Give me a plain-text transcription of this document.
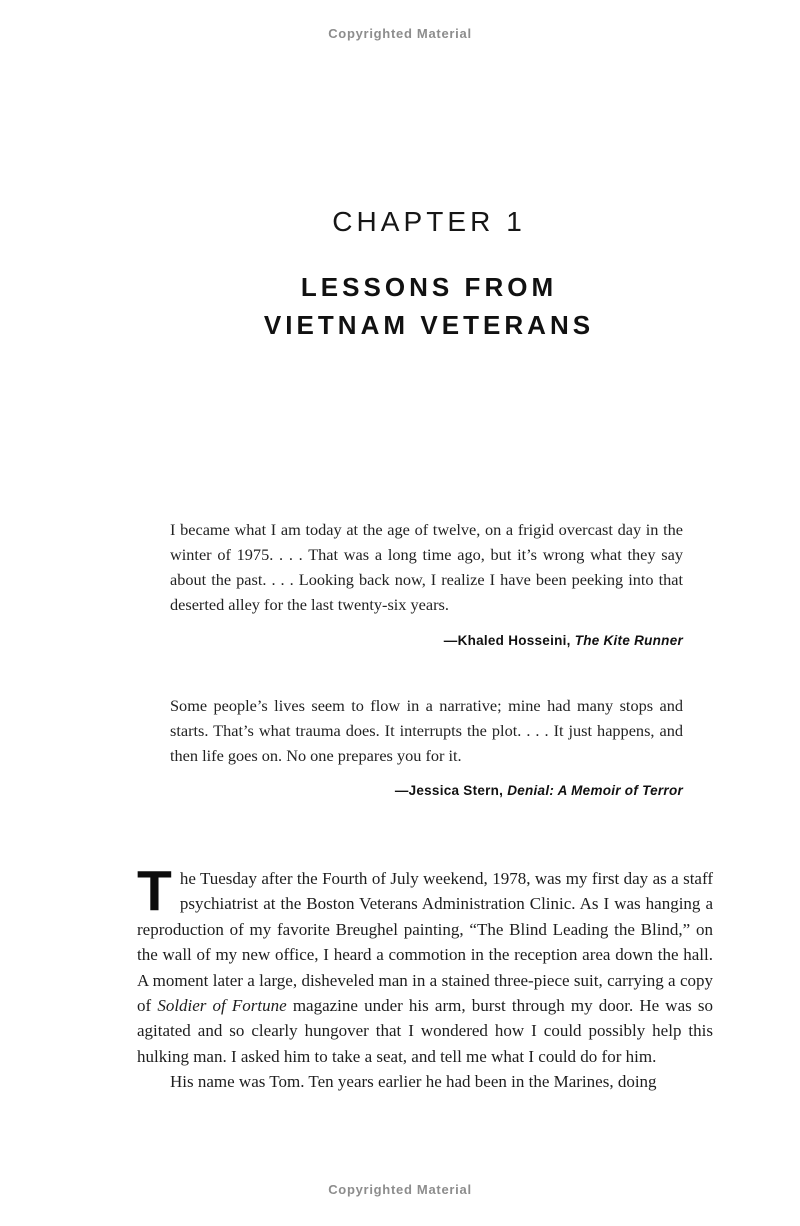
Copyrighted Material
CHAPTER 1
LESSONS FROM
VIETNAM VETERANS
I became what I am today at the age of twelve, on a frigid overcast day in the winter of 1975. . . . That was a long time ago, but it’s wrong what they say about the past. . . . Looking back now, I realize I have been peeking into that deserted alley for the last twenty-six years.
—Khaled Hosseini, The Kite Runner
Some people’s lives seem to flow in a narrative; mine had many stops and starts. That’s what trauma does. It interrupts the plot. . . . It just happens, and then life goes on. No one prepares you for it.
—Jessica Stern, Denial: A Memoir of Terror

The Tuesday after the Fourth of July weekend, 1978, was my first day as a staff psychiatrist at the Boston Veterans Administration Clinic. As I was hanging a reproduction of my favorite Breughel painting, “The Blind Leading the Blind,” on the wall of my new office, I heard a commotion in the reception area down the hall. A moment later a large, disheveled man in a stained three-piece suit, carrying a copy of Soldier of Fortune magazine under his arm, burst through my door. He was so agitated and so clearly hungover that I wondered how I could possibly help this hulking man. I asked him to take a seat, and tell me what I could do for him.

His name was Tom. Ten years earlier he had been in the Marines, doing

Copyrighted Material
